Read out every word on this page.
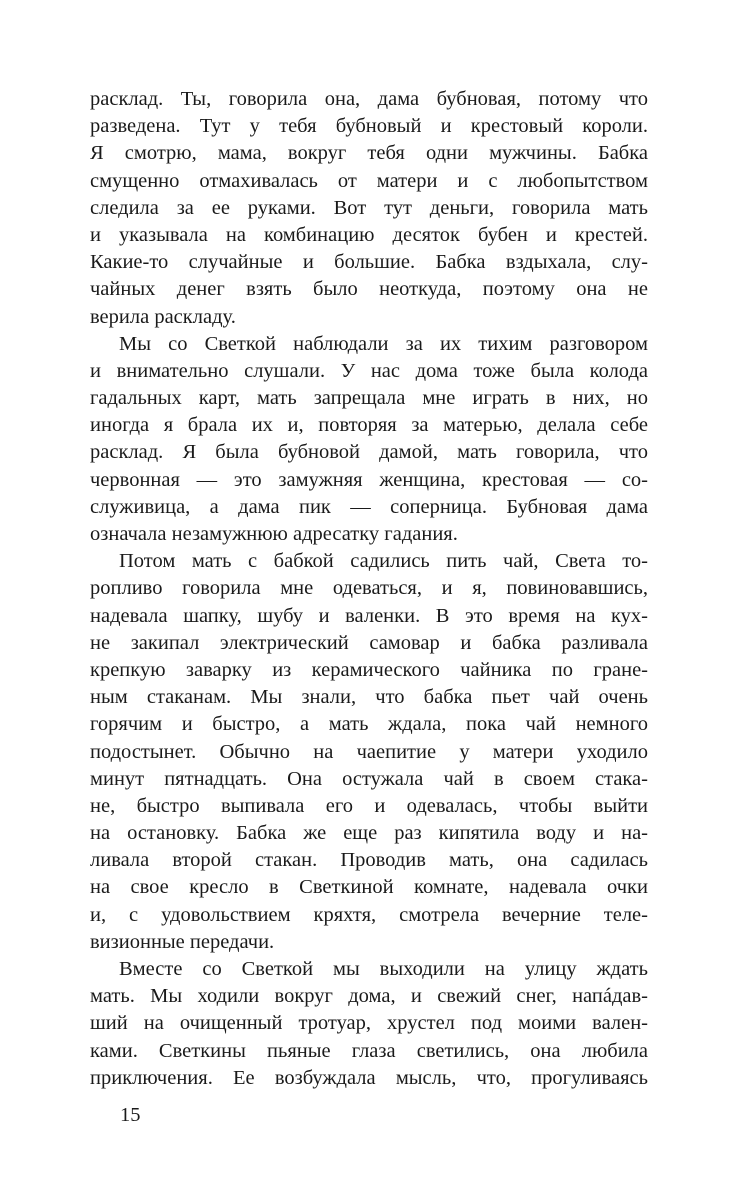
расклад. Ты, говорила она, дама бубновая, потому что
разведена. Тут у тебя бубновый и крестовый короли.
Я смотрю, мама, вокруг тебя одни мужчины. Бабка
смущенно отмахивалась от матери и с любопытством
следила за ее руками. Вот тут деньги, говорила мать
и указывала на комбинацию десяток бубен и крестей.
Какие-то случайные и большие. Бабка вздыхала, слу-
чайных денег взять было неоткуда, поэтому она не
верила раскладу.
Мы со Светкой наблюдали за их тихим разговором
и внимательно слушали. У нас дома тоже была колода
гадальных карт, мать запрещала мне играть в них, но
иногда я брала их и, повторяя за матерью, делала себе
расклад. Я была бубновой дамой, мать говорила, что
червонная — это замужняя женщина, крестовая — со-
служивица, а дама пик — соперница. Бубновая дама
означала незамужнюю адресатку гадания.
Потом мать с бабкой садились пить чай, Света то-
ропливо говорила мне одеваться, и я, повиновавшись,
надевала шапку, шубу и валенки. В это время на кух-
не закипал электрический самовар и бабка разливала
крепкую заварку из керамического чайника по гране-
ным стаканам. Мы знали, что бабка пьет чай очень
горячим и быстро, а мать ждала, пока чай немного
подостынет. Обычно на чаепитие у матери уходило
минут пятнадцать. Она остужала чай в своем стака-
не, быстро выпивала его и одевалась, чтобы выйти
на остановку. Бабка же еще раз кипятила воду и на-
ливала второй стакан. Проводив мать, она садилась
на свое кресло в Светкиной комнате, надевала очки
и, с удовольствием кряхтя, смотрела вечерние теле-
визионные передачи.
Вместе со Светкой мы выходили на улицу ждать
мать. Мы ходили вокруг дома, и свежий снег, напáдав-
ший на очищенный тротуар, хрустел под моими вален-
ками. Светкины пьяные глаза светились, она любила
приключения. Ее возбуждала мысль, что, прогуливаясь
15
